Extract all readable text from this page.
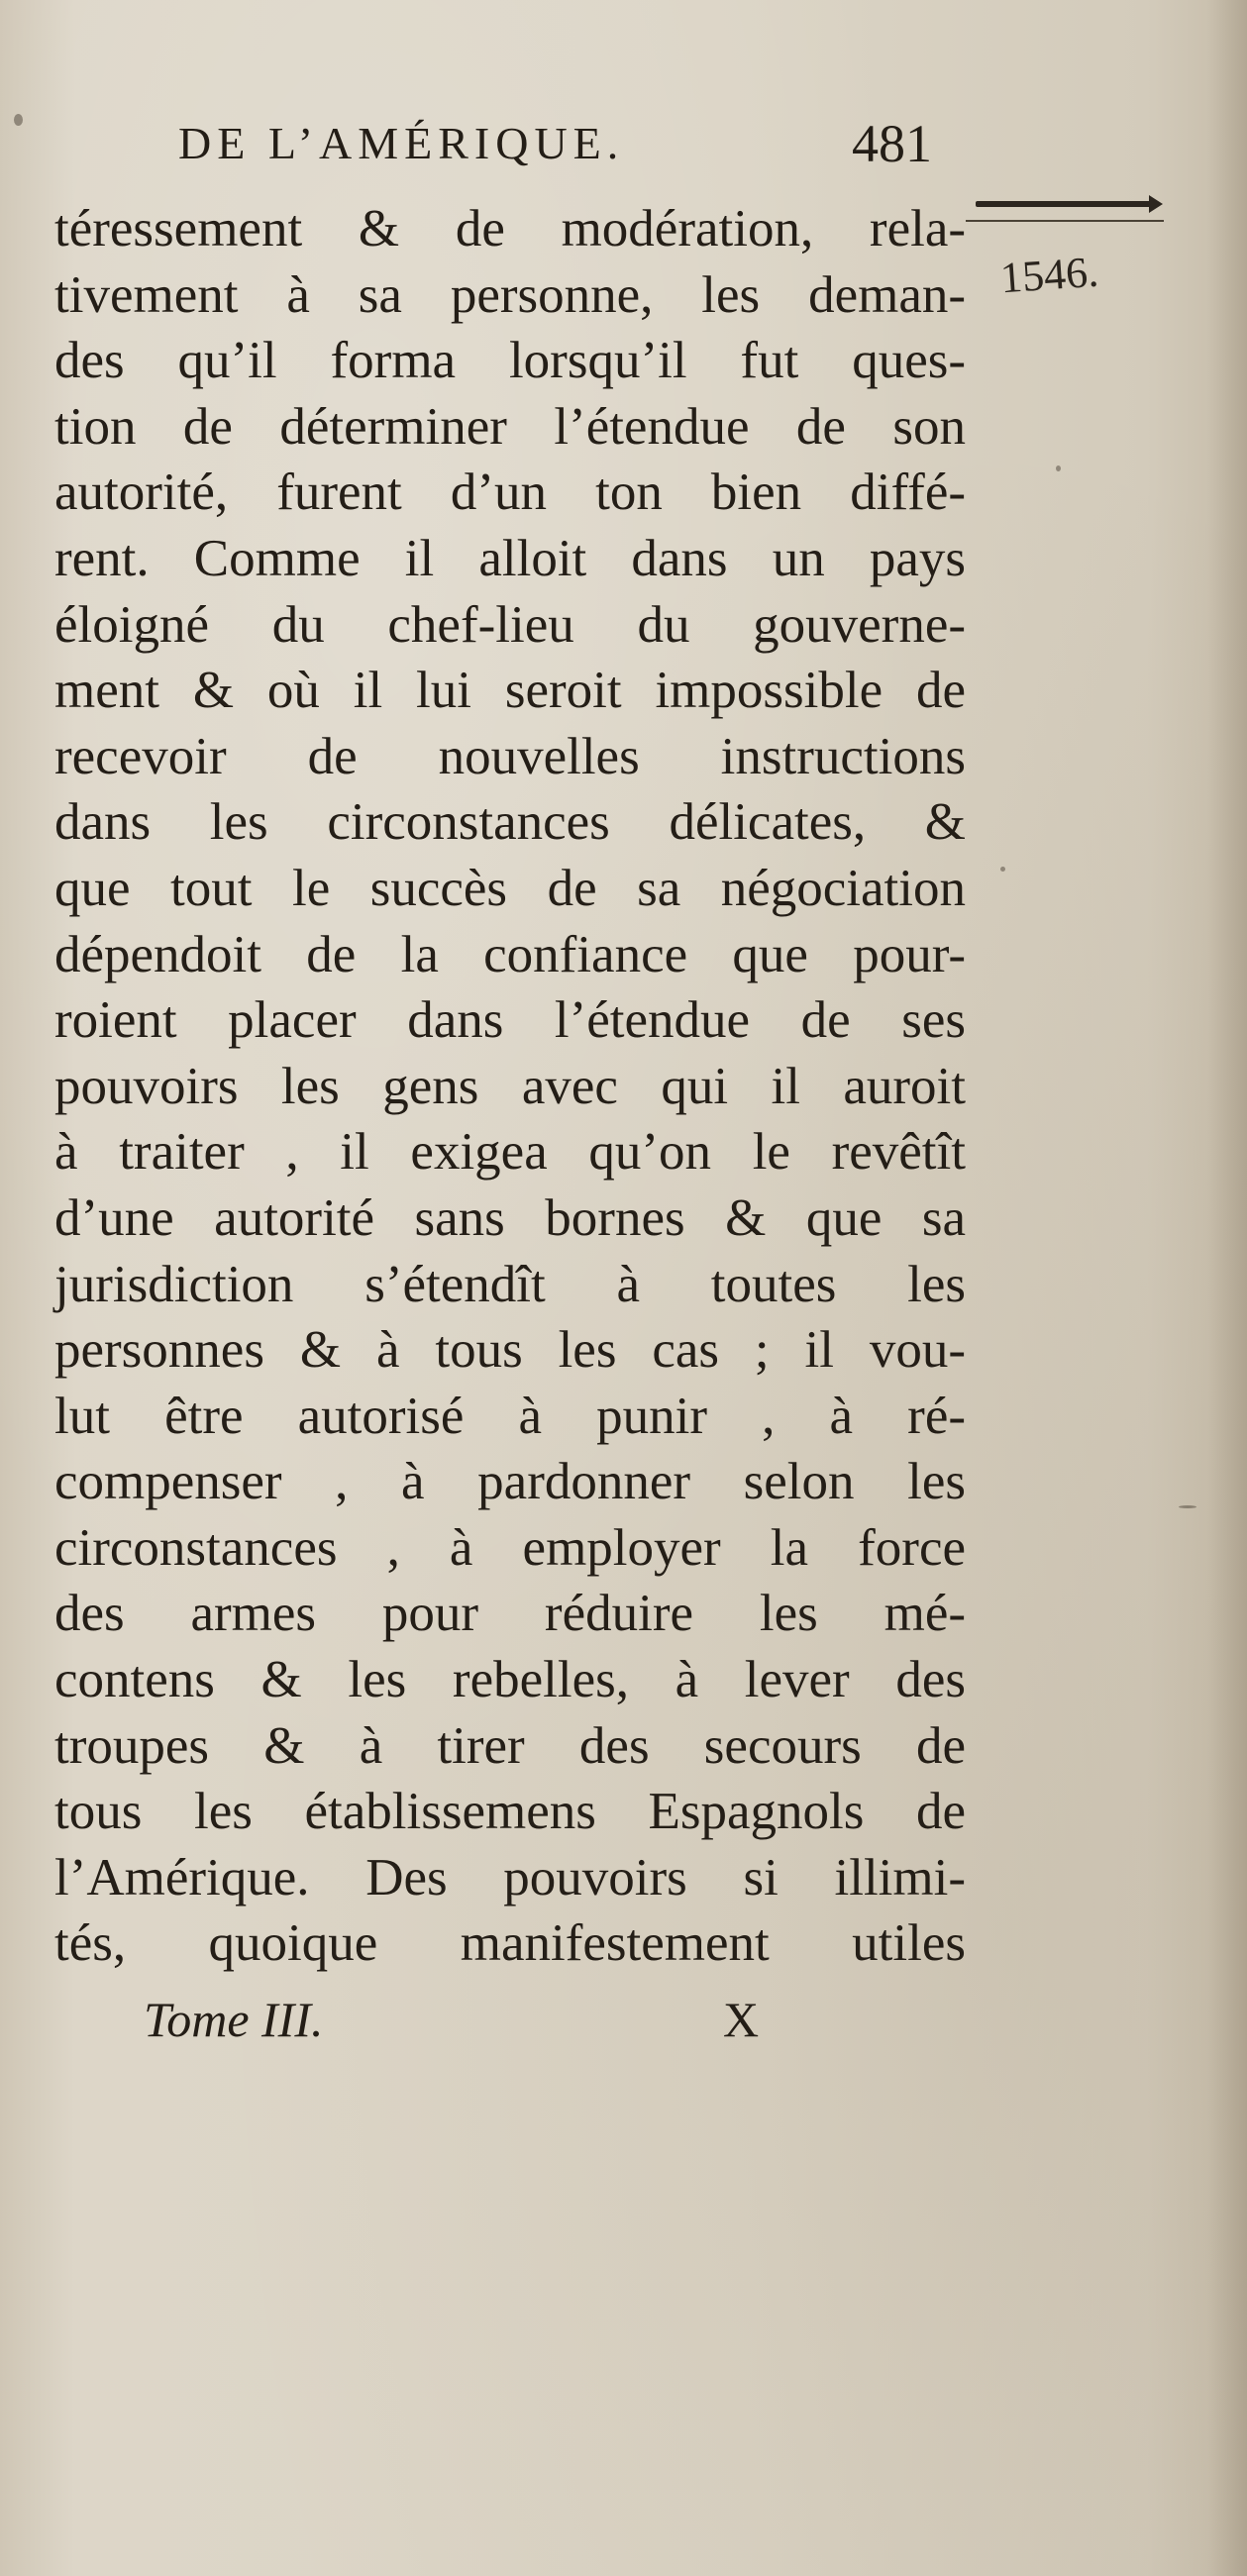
DE L’AMÉRIQUE.	481
1546.
téressement & de modération, rela-
tivement à sa personne, les deman-
des qu’il forma lorsqu’il fut ques-
tion de déterminer l’étendue de son
autorité, furent d’un ton bien diffé-
rent. Comme il alloit dans un pays
éloigné du chef-lieu du gouverne-
ment & où il lui seroit impossible de
recevoir de nouvelles instructions
dans les circonstances délicates, &
que tout le succès de sa négociation
dépendoit de la confiance que pour-
roient placer dans l’étendue de ses
pouvoirs les gens avec qui il auroit
à traiter , il exigea qu’on le revêtît
d’une autorité sans bornes & que sa
jurisdiction s’étendît à toutes les
personnes & à tous les cas ; il vou-
lut être autorisé à punir , à ré-
compenser , à pardonner selon les
circonstances , à employer la force
des armes pour réduire les mé-
contens & les rebelles, à lever des
troupes & à tirer des secours de
tous les établissemens Espagnols de
l’Amérique. Des pouvoirs si illimi-
tés, quoique manifestement utiles
Tome III.	X
